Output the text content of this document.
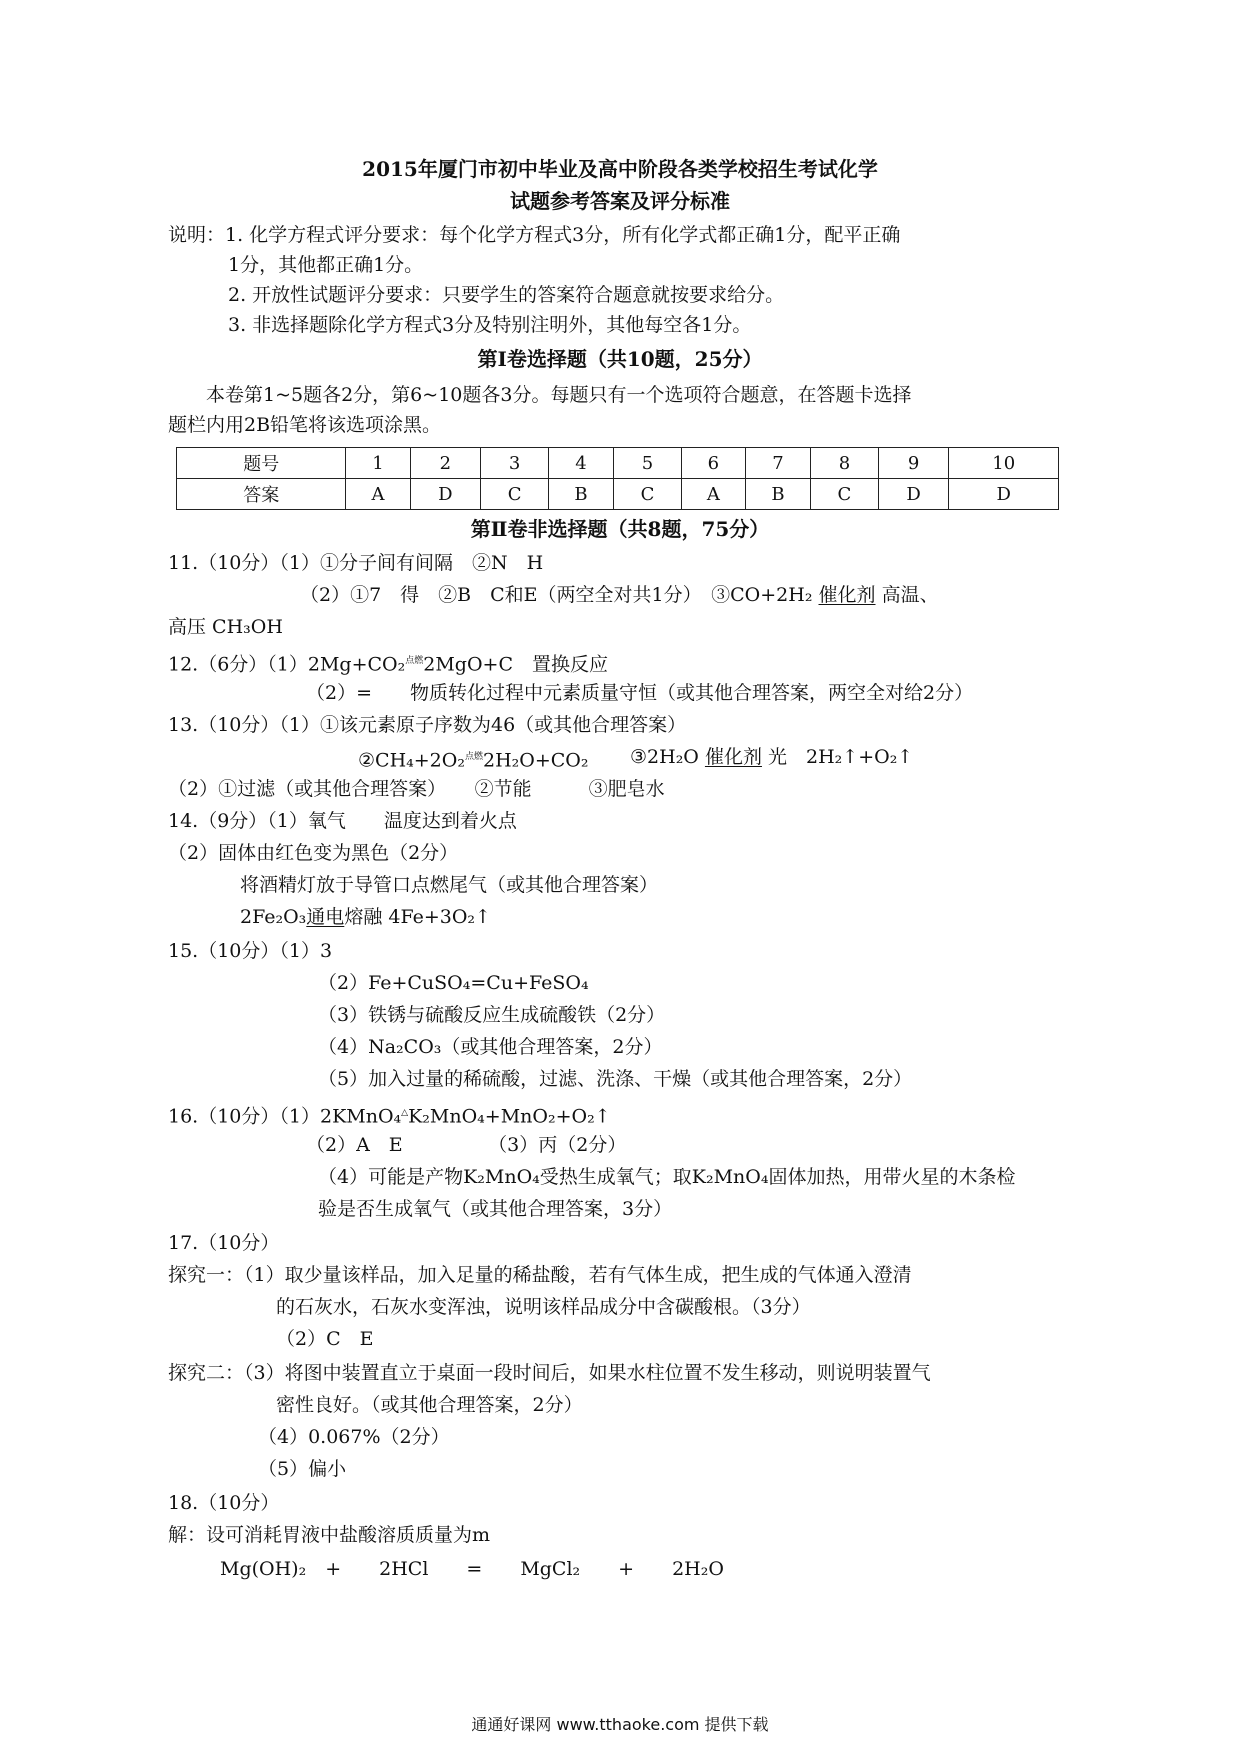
2015年厦门市初中毕业及高中阶段各类学校招生考试化学
试题参考答案及评分标准
说明：1. 化学方程式评分要求：每个化学方程式3分，所有化学式都正确1分，配平正确
1分，其他都正确1分。
2. 开放性试题评分要求：只要学生的答案符合题意就按要求给分。
3. 非选择题除化学方程式3分及特别注明外，其他每空各1分。
第Ⅰ卷选择题（共10题，25分）
本卷第1~5题各2分，第6~10题各3分。每题只有一个选项符合题意，在答题卡选择
题栏内用2B铅笔将该选项涂黑。
题号	1	2	3	4	5	6	7	8	9	10
答案	A	D	C	B	C	A	B	C	D	D
第Ⅱ卷非选择题（共8题，75分）
11.（10分）（1）①分子间有间隔　②N　H
（2）①7　得　②B　C和E（两空全对共1分）　③CO+2H₂ 催化剂 高温、
高压 CH₃OH
12.（6分）（1）2Mg+CO₂$^{点燃}$2MgO+C　置换反应
（2）=　　物质转化过程中元素质量守恒（或其他合理答案，两空全对给2分）
13.（10分）（1）①该元素原子序数为46（或其他合理答案）
②CH₄+2O₂$^{点燃}$2H₂O+CO₂ ③2H₂O 催化剂 光　2H₂↑+O₂↑
（2）①过滤（或其他合理答案）　　②节能　　　③肥皂水
14.（9分）（1）氧气　　温度达到着火点
（2）固体由红色变为黑色（2分）
将酒精灯放于导管口点燃尾气（或其他合理答案）
2Fe₂O₃通电熔融 4Fe+3O₂↑
15.（10分）（1）3
（2）Fe+CuSO₄=Cu+FeSO₄
（3）铁锈与硫酸反应生成硫酸铁（2分）
（4）Na₂CO₃（或其他合理答案，2分）
（5）加入过量的稀硫酸，过滤、洗涤、干燥（或其他合理答案，2分）
16.（10分）（1）2KMnO₄△K₂MnO₄+MnO₂+O₂↑
（2）A　E　　　　　（3）丙（2分）
（4）可能是产物K₂MnO₄受热生成氧气；取K₂MnO₄固体加热，用带火星的木条检
验是否生成氧气（或其他合理答案，3分）
17.（10分）
探究一：（1）取少量该样品，加入足量的稀盐酸，若有气体生成，把生成的气体通入澄清
的石灰水，石灰水变浑浊，说明该样品成分中含碳酸根。（3分）
（2）C　E
探究二：（3）将图中装置直立于桌面一段时间后，如果水柱位置不发生移动，则说明装置气
密性良好。（或其他合理答案，2分）
（4）0.067%（2分）
（5）偏小
18.（10分）
解：设可消耗胃液中盐酸溶质质量为m
Mg(OH)₂　+　　2HCl　　=　　MgCl₂　　+　　2H₂O
通通好课网 www.tthaoke.com 提供下载
